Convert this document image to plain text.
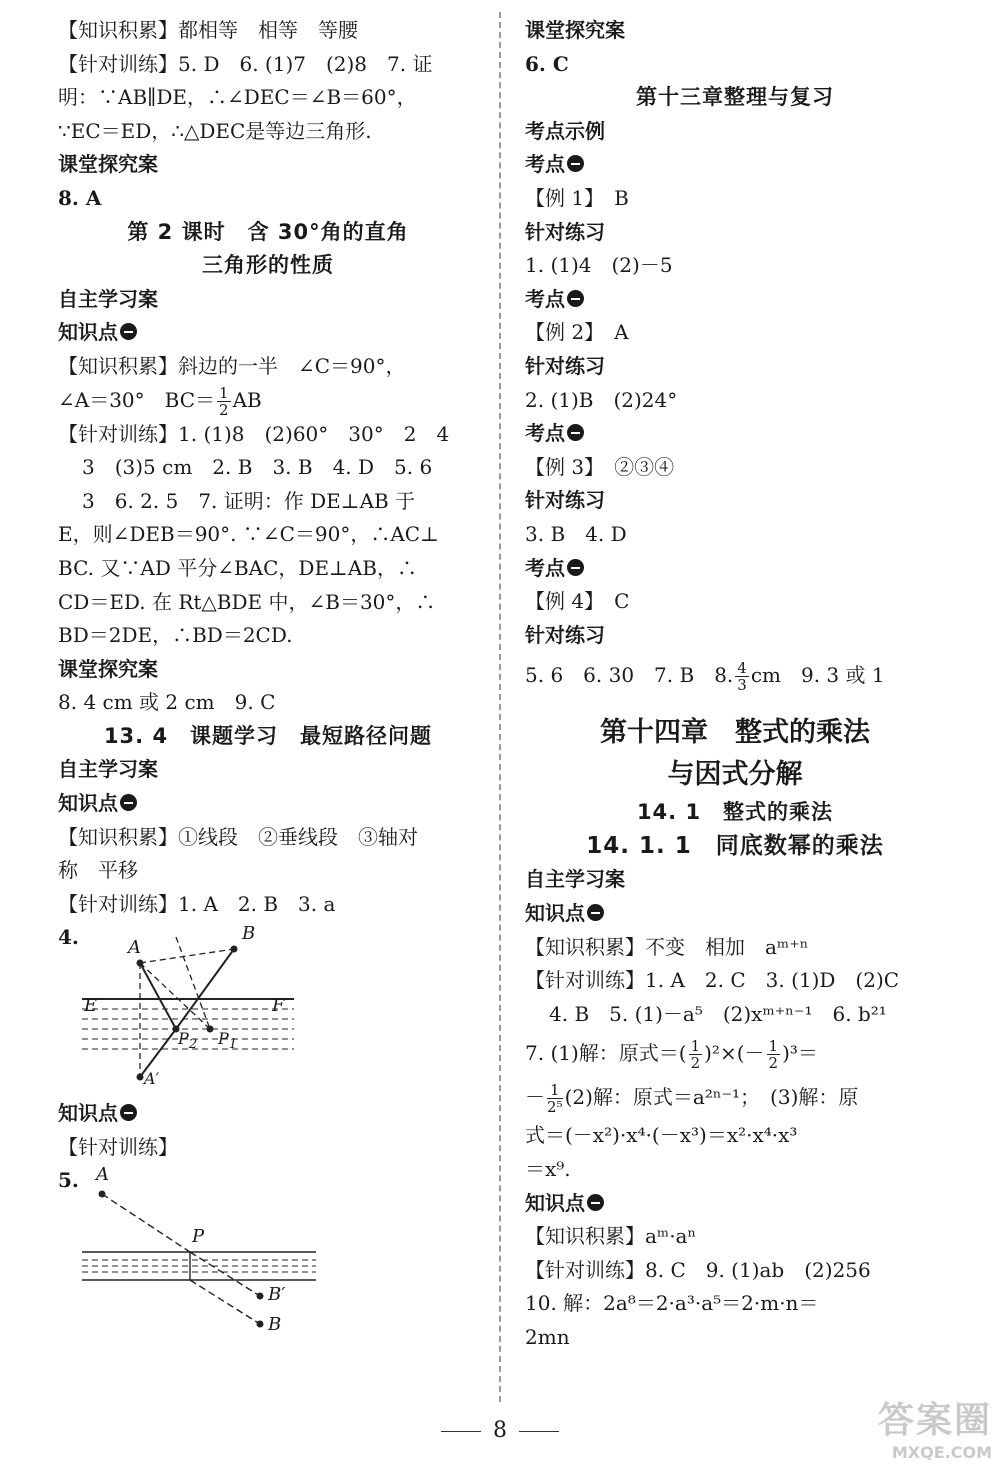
【知识积累】都相等　相等　等腰
【针对训练】5. D　6. (1)7　(2)8　7. 证
明：∵AB∥DE，∴∠DEC＝∠B＝60°，
∵EC＝ED，∴△DEC是等边三角形.
课堂探究案
8. A
第 2 课时　含 30°角的直角
三角形的性质
自主学习案
知识点
【知识积累】斜边的一半　∠C＝90°，
∠A＝30°　$BC= \frac{1}{2}$ AB
【针对训练】1. (1)8　(2)60°　30°　2　4
3　(3)5 cm　2. B　3. B　4. D　5. 6
3　6. 2. 5　7. 证明：作 DE⊥AB 于
E，则∠DEB＝90°. ∵∠C＝90°，∴AC⊥
BC. 又∵AD 平分∠BAC，DE⊥AB，∴
CD＝ED. 在 Rt△BDE 中，∠B＝30°，∴
BD＝2DE，∴BD＝2CD.
课堂探究案
8. 4 cm 或 2 cm　9. C
13. 4　课题学习　最短路径问题
自主学习案
知识点
【知识积累】①线段　②垂线段　③轴对
称　平移
【针对训练】1. A　2. B　3. a
4.	A
B
E	F
$P_2$ $P_1$
A′
知识点
【针对训练】
5. A
P
B′
B
课堂探究案
6. C
第十三章整理与复习
考点示例
考点
【例 1】　B
针对练习
1. (1)4　(2)－5
考点
【例 2】　A
针对练习
2. (1)B　(2)24°
考点
【例 3】　②③④
针对练习
3. B　4. D
考点
【例 4】　C
针对练习
5. 6　6. 30　7. B　8. $\frac{4}{3}$ cm　9. 3 或 1
第十四章　整式的乘法
与因式分解
14. 1　整式的乘法
14. 1. 1　同底数幂的乘法
自主学习案
知识点
【知识积累】不变　相加　aᵐ⁺ⁿ
【针对训练】1. A　2. C　3. (1)D　(2)C
4. B　5. (1)－a⁵　(2)xᵐ⁺ⁿ⁻¹　6. b²¹
7. (1)解：原式＝( $\frac{1}{2} )^2\times(- \frac{1}{2} )^3=$
－ $\frac{1}{\text{2⁵}} (2)$解：原式＝a²ⁿ⁻¹；　(3)解：原
式＝(－x²)·x⁴·(－x³)＝x²·x⁴·x³
＝x⁹.
知识点
【知识积累】aᵐ·aⁿ
【针对训练】8. C　9. (1)ab　(2)256
10. 解：2a⁸＝2·a³·a⁵＝2·m·n＝
2mn
8	答案圈
MXQE.COM
